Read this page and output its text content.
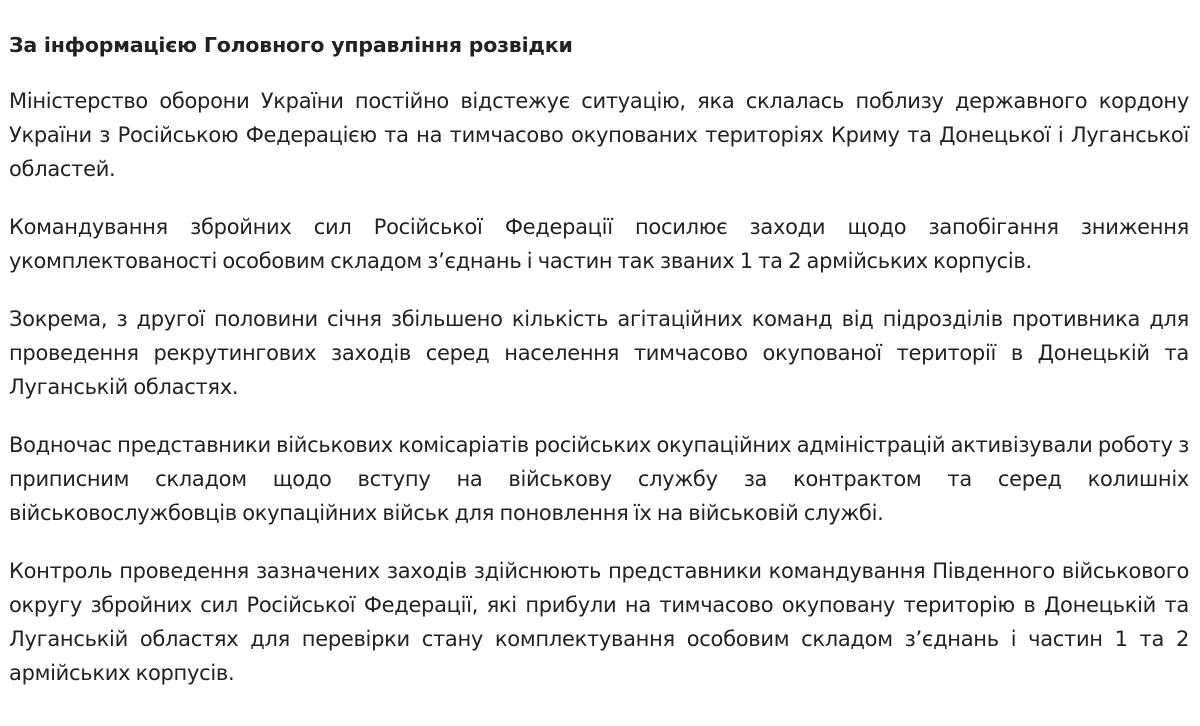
За інформацією Головного управління розвідки

Міністерство оборони України постійно відстежує ситуацію, яка склалась поблизу державного кордону України з Російською Федерацією та на тимчасово окупованих територіях Криму та Донецької і Луганської областей.

Командування збройних сил Російської Федерації посилює заходи щодо запобігання зниження укомплектованості особовим складом з’єднань і частин так званих 1 та 2 армійських корпусів.

Зокрема, з другої половини січня збільшено кількість агітаційних команд від підрозділів противника для проведення рекрутингових заходів серед населення тимчасово окупованої території в Донецькій та Луганській областях.

Водночас представники військових комісаріатів російських окупаційних адміністрацій активізували роботу з приписним складом щодо вступу на військову службу за контрактом та серед колишніх військовослужбовців окупаційних військ для поновлення їх на військовій службі.

Контроль проведення зазначених заходів здійснюють представники командування Південного військового округу збройних сил Російської Федерації, які прибули на тимчасово окуповану територію в Донецькій та Луганській областях для перевірки стану комплектування особовим складом з’єднань і частин 1 та 2 армійських корпусів.
